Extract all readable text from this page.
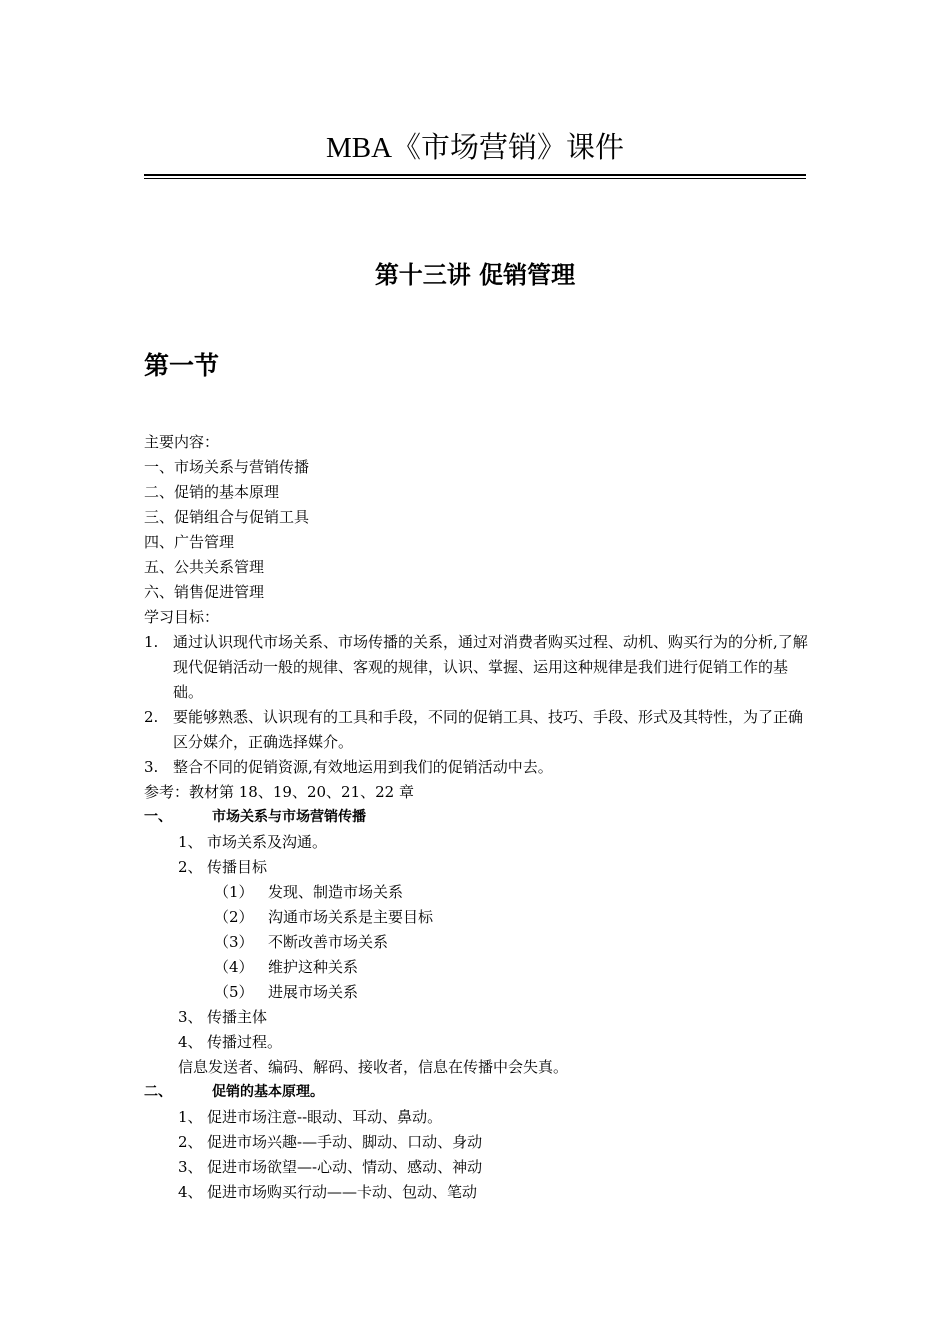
MBA《市场营销》课件
第十三讲 促销管理
第一节
主要内容：
一、市场关系与营销传播
二、促销的基本原理
三、促销组合与促销工具
四、广告管理
五、公共关系管理
六、销售促进管理
学习目标：
1. 通过认识现代市场关系、市场传播的关系，通过对消费者购买过程、动机、购买行为的分析,了解现代促销活动一般的规律、客观的规律，认识、掌握、运用这种规律是我们进行促销工作的基础。
2. 要能够熟悉、认识现有的工具和手段，不同的促销工具、技巧、手段、形式及其特性，为了正确区分媒介，正确选择媒介。
3. 整合不同的促销资源,有效地运用到我们的促销活动中去。
参考：教材第 18、19、20、21、22 章
一、	市场关系与市场营销传播
1、 市场关系及沟通。
2、 传播目标
（1） 发现、制造市场关系
（2） 沟通市场关系是主要目标
（3） 不断改善市场关系
（4） 维护这种关系
（5） 进展市场关系
3、 传播主体
4、 传播过程。
信息发送者、编码、解码、接收者，信息在传播中会失真。
二、	促销的基本原理。
1、 促进市场注意--眼动、耳动、鼻动。
2、 促进市场兴趣-—手动、脚动、口动、身动
3、 促进市场欲望—-心动、情动、感动、神动
4、 促进市场购买行动——卡动、包动、笔动
